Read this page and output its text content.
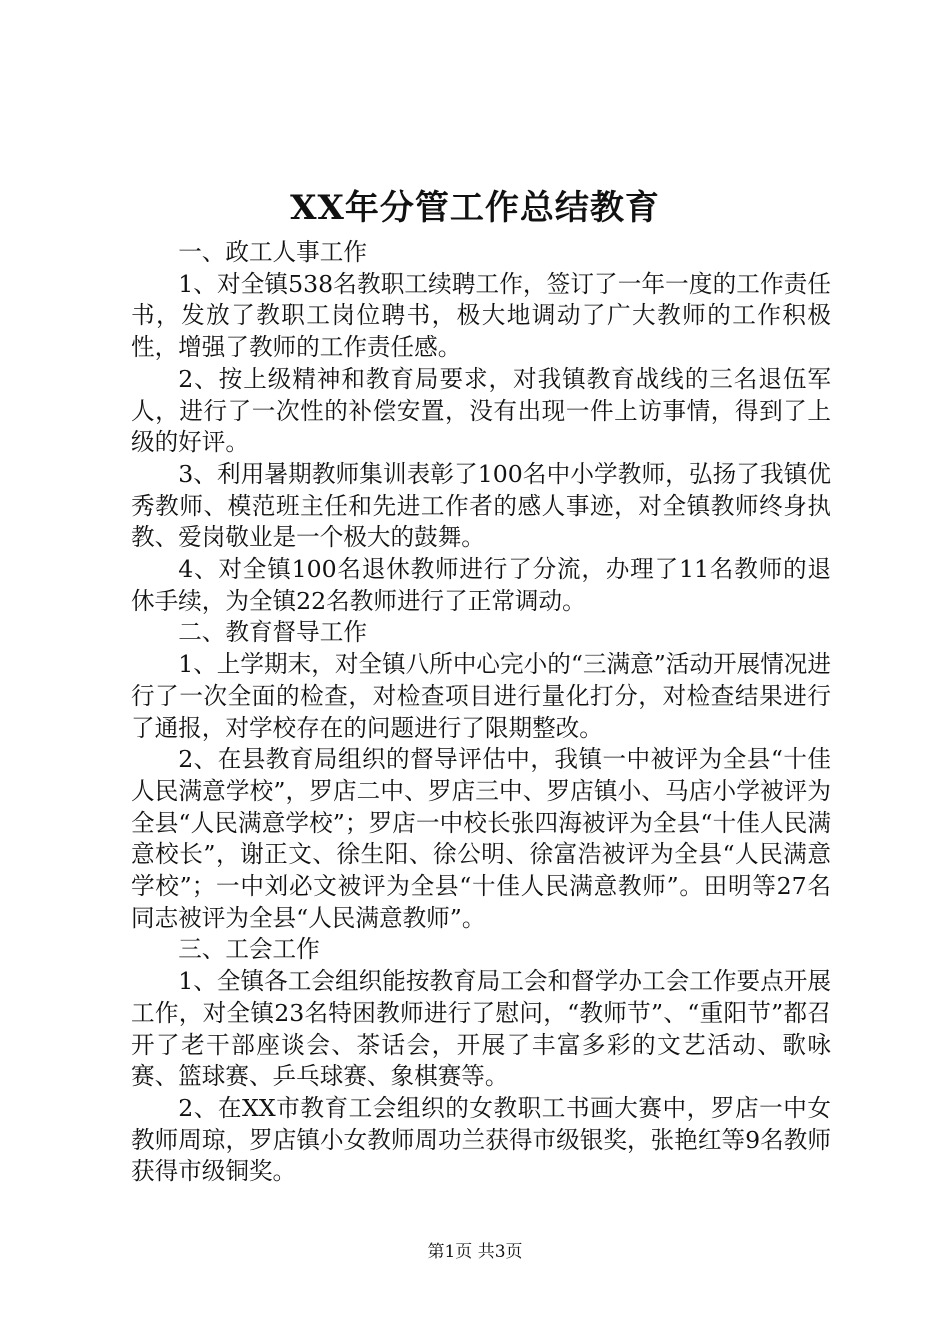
XX年分管工作总结教育

一、政工人事工作

1、对全镇538名教职工续聘工作，签订了一年一度的工作责任书，发放了教职工岗位聘书，极大地调动了广大教师的工作积极性，增强了教师的工作责任感。

2、按上级精神和教育局要求，对我镇教育战线的三名退伍军人，进行了一次性的补偿安置，没有出现一件上访事情，得到了上级的好评。

3、利用暑期教师集训表彰了100名中小学教师，弘扬了我镇优秀教师、模范班主任和先进工作者的感人事迹，对全镇教师终身执教、爱岗敬业是一个极大的鼓舞。

4、对全镇100名退休教师进行了分流，办理了11名教师的退休手续，为全镇22名教师进行了正常调动。

二、教育督导工作

1、上学期末，对全镇八所中心完小的“三满意”活动开展情况进行了一次全面的检查，对检查项目进行量化打分，对检查结果进行了通报，对学校存在的问题进行了限期整改。

2、在县教育局组织的督导评估中，我镇一中被评为全县“十佳人民满意学校”，罗店二中、罗店三中、罗店镇小、马店小学被评为全县“人民满意学校”；罗店一中校长张四海被评为全县“十佳人民满意校长”，谢正文、徐生阳、徐公明、徐富浩被评为全县“人民满意学校”；一中刘必文被评为全县“十佳人民满意教师”。田明等27名同志被评为全县“人民满意教师”。

三、工会工作

1、全镇各工会组织能按教育局工会和督学办工会工作要点开展工作，对全镇23名特困教师进行了慰问，“教师节”、“重阳节”都召开了老干部座谈会、茶话会，开展了丰富多彩的文艺活动、歌咏赛、篮球赛、乒乓球赛、象棋赛等。

2、在XX市教育工会组织的女教职工书画大赛中，罗店一中女教师周琼，罗店镇小女教师周功兰获得市级银奖，张艳红等9名教师获得市级铜奖。

第1页 共3页
